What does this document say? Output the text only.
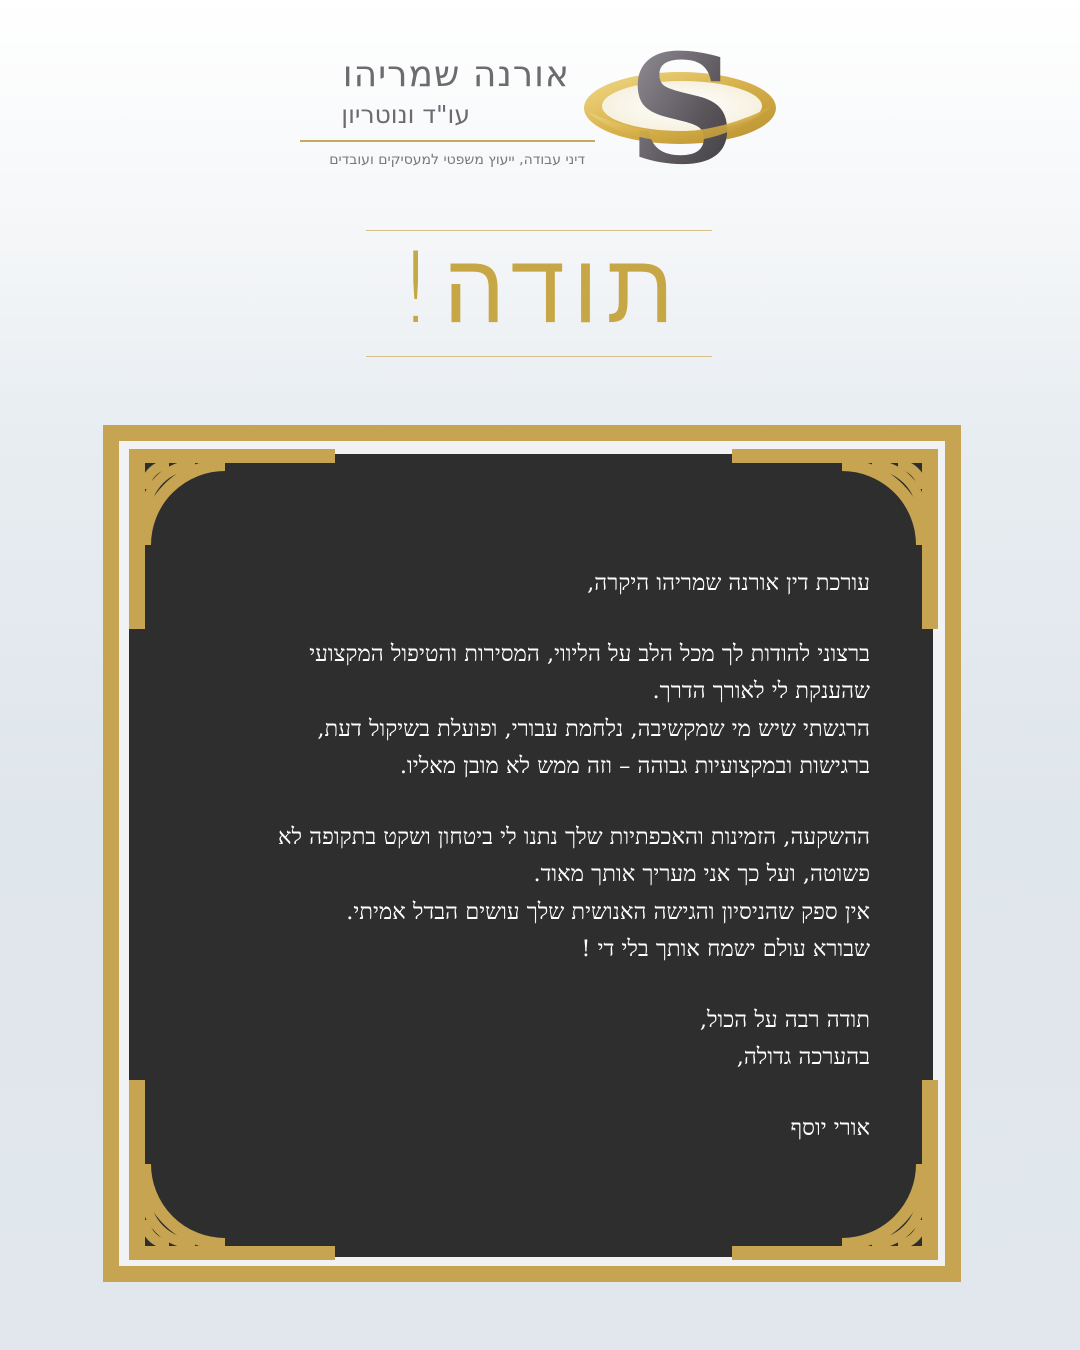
אורנה שמריהו
עו"ד ונוטריון
דיני עבודה, ייעוץ משפטי למעסיקים ועובדים S
תודה!

עורכת דין אורנה שמריהו היקרה,

ברצוני להודות לך מכל הלב על הליווי, המסירות והטיפול המקצועי

שהענקת לי לאורך הדרך.

הרגשתי שיש מי שמקשיבה, נלחמת עבורי, ופועלת בשיקול דעת,

ברגישות ובמקצועיות גבוהה – וזה ממש לא מובן מאליו.

ההשקעה, הזמינות והאכפתיות שלך נתנו לי ביטחון ושקט בתקופה לא

פשוטה, ועל כך אני מעריך אותך מאוד.

אין ספק שהניסיון והגישה האנושית שלך עושים הבדל אמיתי.

שבורא עולם ישמח אותך בלי די !

תודה רבה על הכול,

בהערכה גדולה,

אורי יוסף
